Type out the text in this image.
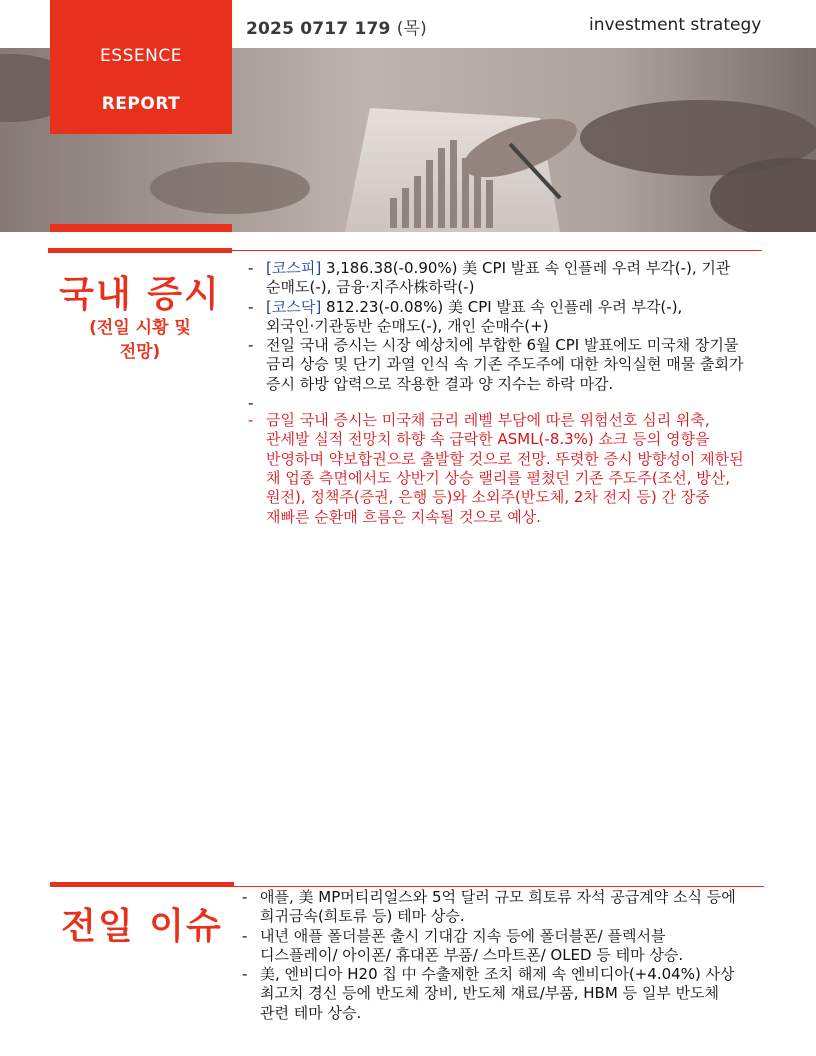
2025 0717 179 (목)	investment strategy
ESSENCE
REPORT
국내 증시
(전일 시황 및
전망)
- [코스피] 3,186.38(-0.90%) 美 CPI 발표 속 인플레 우려 부각(-), 기관
순매도(-), 금융·지주사株하락(-)
- [코스닥] 812.23(-0.08%) 美 CPI 발표 속 인플레 우려 부각(-),
외국인·기관동반 순매도(-), 개인 순매수(+)
- 전일 국내 증시는 시장 예상치에 부합한 6월 CPI 발표에도 미국채 장기물
금리 상승 및 단기 과열 인식 속 기존 주도주에 대한 차익실현 매물 출회가
증시 하방 압력으로 작용한 결과 양 지수는 하락 마감.
-
- 금일 국내 증시는 미국채 금리 레벨 부담에 따른 위험선호 심리 위축,
관세발 실적 전망치 하향 속 급락한 ASML(-8.3%) 쇼크 등의 영향을
반영하며 약보합권으로 출발할 것으로 전망. 뚜렷한 증시 방향성이 제한된
채 업종 측면에서도 상반기 상승 랠리를 펼쳤던 기존 주도주(조선, 방산,
원전), 정책주(증권, 은행 등)와 소외주(반도체, 2차 전지 등) 간 장중
재빠른 순환매 흐름은 지속될 것으로 예상.
전일 이슈
- 애플, 美 MP머티리얼스와 5억 달러 규모 희토류 자석 공급계약 소식 등에
희귀금속(희토류 등) 테마 상승.
- 내년 애플 폴더블폰 출시 기대감 지속 등에 폴더블폰/ 플렉서블
디스플레이/ 아이폰/ 휴대폰 부품/ 스마트폰/ OLED 등 테마 상승.
- 美, 엔비디아 H20 칩 中 수출제한 조치 해제 속 엔비디아(+4.04%) 사상
최고치 경신 등에 반도체 장비, 반도체 재료/부품, HBM 등 일부 반도체
관련 테마 상승.
